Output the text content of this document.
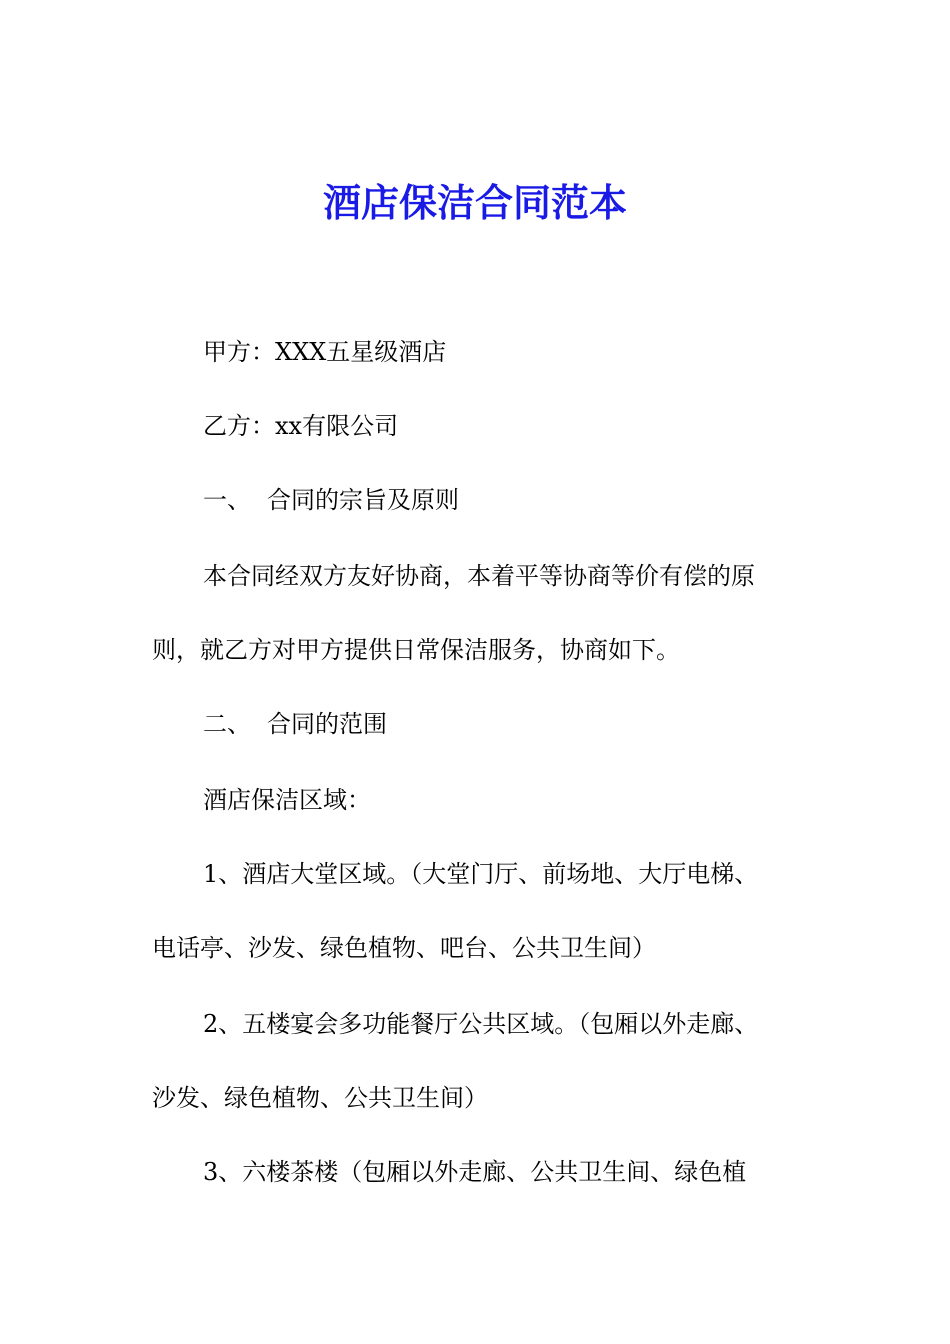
酒店保洁合同范本

甲方：XXX五星级酒店

乙方：xx有限公司

一、 合同的宗旨及原则

本合同经双方友好协商，本着平等协商等价有偿的原

则，就乙方对甲方提供日常保洁服务，协商如下。

二、 合同的范围

酒店保洁区域：

1、酒店大堂区域。（大堂门厅、前场地、大厅电梯、

电话亭、沙发、绿色植物、吧台、公共卫生间）

2、五楼宴会多功能餐厅公共区域。（包厢以外走廊、

沙发、绿色植物、公共卫生间）

3、六楼茶楼（包厢以外走廊、公共卫生间、绿色植
